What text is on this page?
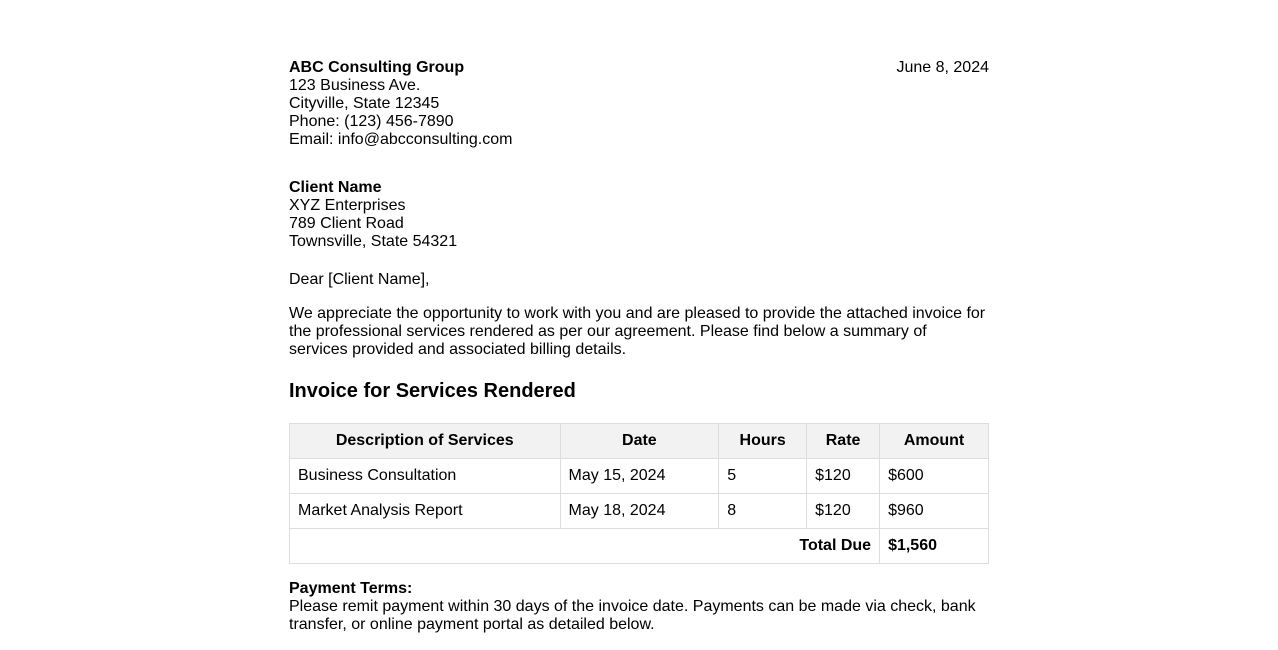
June 8, 2024
ABC Consulting Group
123 Business Ave.
Cityville, State 12345
Phone: (123) 456-7890
Email: info@abcconsulting.com
Client Name
XYZ Enterprises
789 Client Road
Townsville, State 54321
Dear [Client Name],
We appreciate the opportunity to work with you and are pleased to provide the attached invoice for the professional services rendered as per our agreement. Please find below a summary of services provided and associated billing details.
Invoice for Services Rendered
Description of Services	Date	Hours	Rate	Amount
Business Consultation	May 15, 2024	5	$120	$600
Market Analysis Report	May 18, 2024	8	$120	$960
Total Due				$1,560
Payment Terms:
Please remit payment within 30 days of the invoice date. Payments can be made via check, bank transfer, or online payment portal as detailed below.
